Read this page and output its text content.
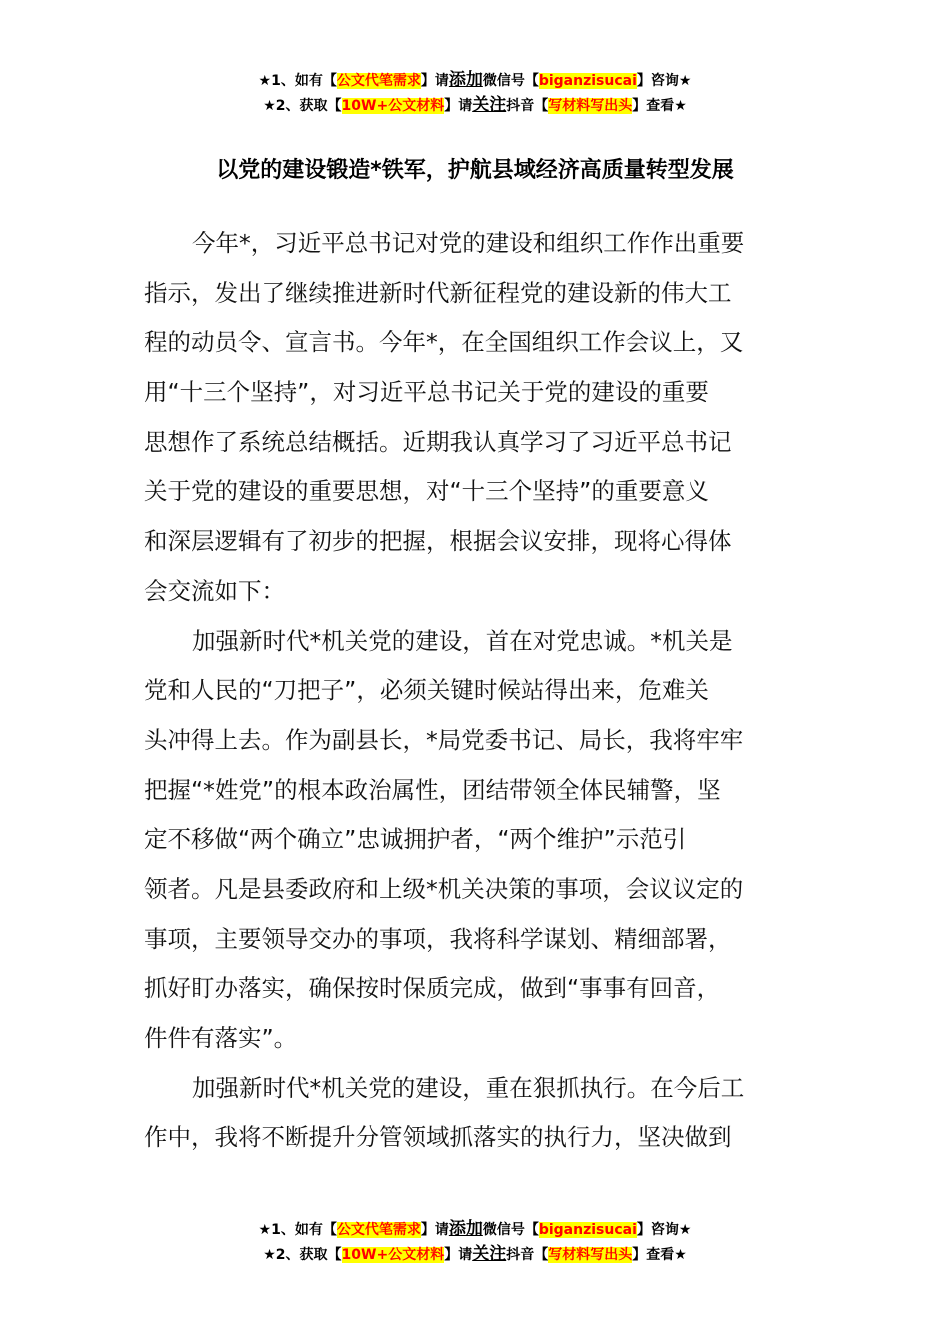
★1、如有【公文代笔需求】请添加微信号【biganzisucai】咨询★
★2、获取【10W+公文材料】请关注抖音【写材料写出头】查看★
以党的建设锻造*铁军，护航县域经济高质量转型发展
今年*，习近平总书记对党的建设和组织工作作出重要
指示，发出了继续推进新时代新征程党的建设新的伟大工
程的动员令、宣言书。今年*，在全国组织工作会议上，又
用“十三个坚持”，对习近平总书记关于党的建设的重要
思想作了系统总结概括。近期我认真学习了习近平总书记
关于党的建设的重要思想，对“十三个坚持”的重要意义
和深层逻辑有了初步的把握，根据会议安排，现将心得体
会交流如下：
加强新时代*机关党的建设，首在对党忠诚。*机关是
党和人民的“刀把子”，必须关键时候站得出来，危难关
头冲得上去。作为副县长，*局党委书记、局长，我将牢牢
把握“*姓党”的根本政治属性，团结带领全体民辅警，坚
定不移做“两个确立”忠诚拥护者，“两个维护”示范引
领者。凡是县委政府和上级*机关决策的事项，会议议定的
事项，主要领导交办的事项，我将科学谋划、精细部署，
抓好盯办落实，确保按时保质完成，做到“事事有回音，
件件有落实”。
加强新时代*机关党的建设，重在狠抓执行。在今后工
作中，我将不断提升分管领域抓落实的执行力，坚决做到
★1、如有【公文代笔需求】请添加微信号【biganzisucai】咨询★
★2、获取【10W+公文材料】请关注抖音【写材料写出头】查看★
